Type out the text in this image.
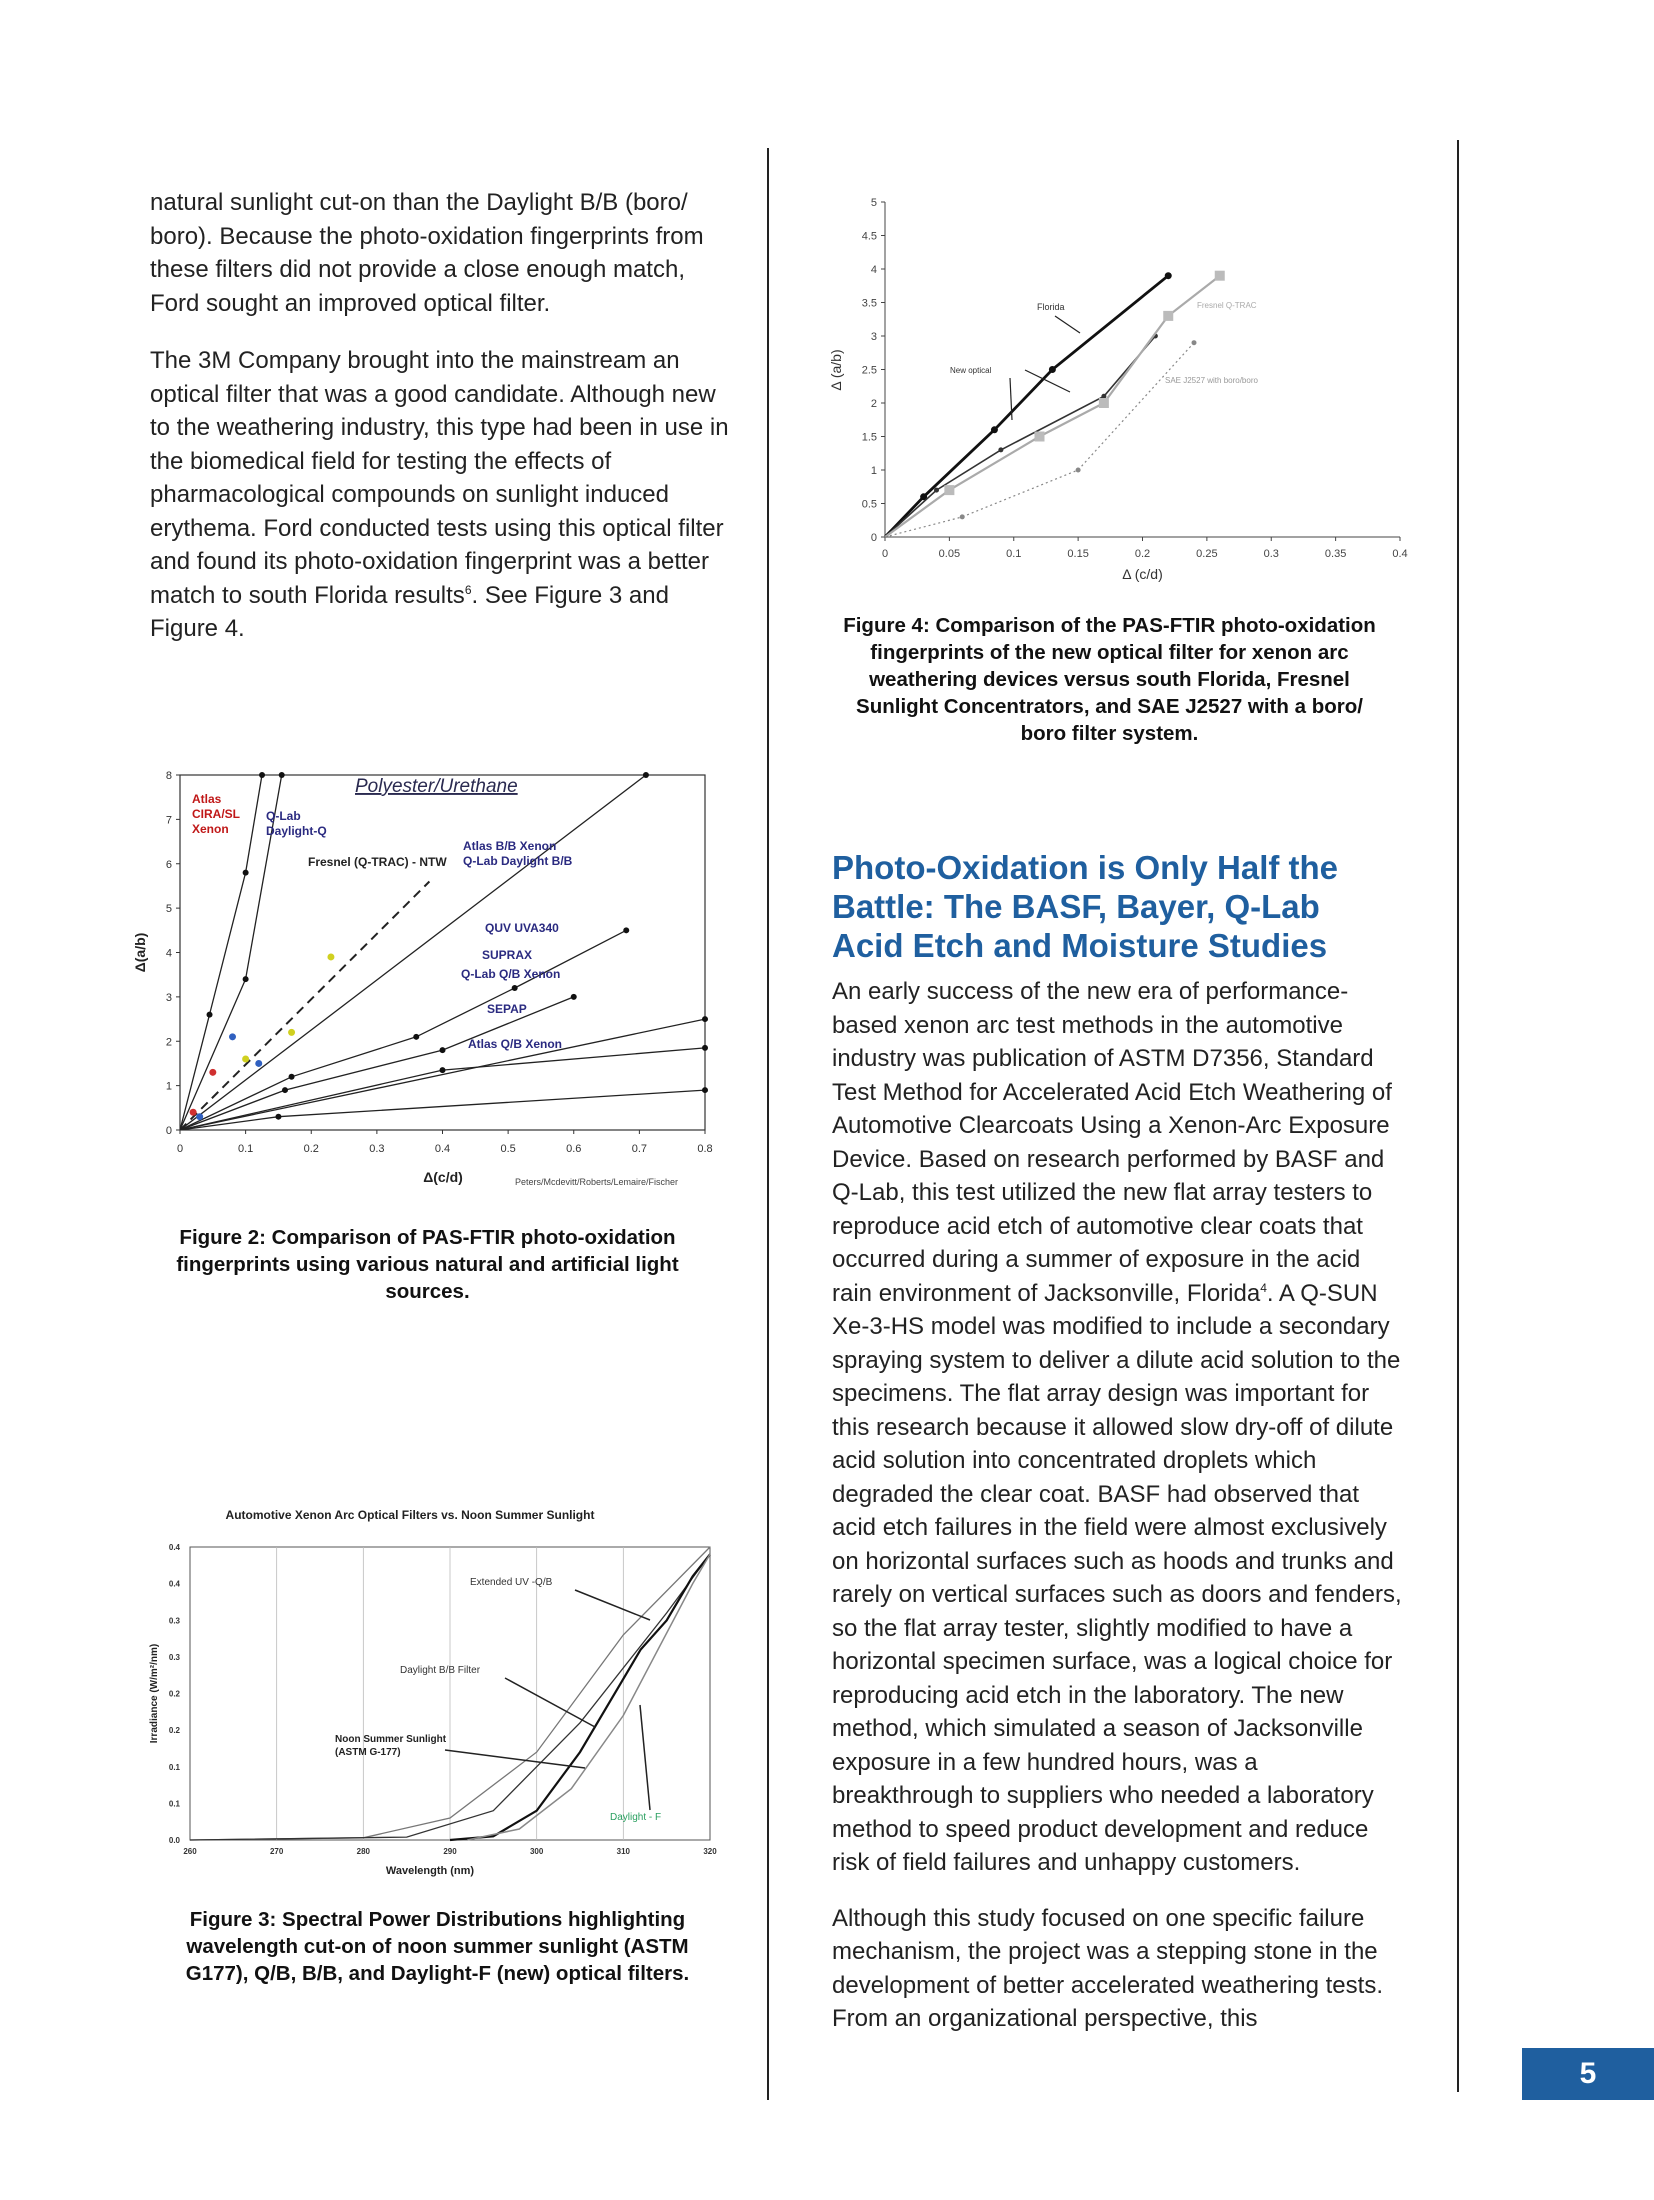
natural sunlight cut-on than the Daylight B/B (boro/ boro). Because the photo-oxidation fingerprints from these filters did not provide a close enough match, Ford sought an improved optical filter.

The 3M Company brought into the mainstream an optical filter that was a good candidate. Although new to the weathering industry, this type had been in use in the biomedical field for testing the effects of pharmacological compounds on sunlight induced erythema. Ford conducted tests using this optical filter and found its photo-oxidation fingerprint was a better match to south Florida results$^6$. See Figure 3 and Figure 4.

0
1
2
3
4
5
6
7
8
0	0.1	0.2	0.3	0.4	0.5	0.6	0.7	0.8
Δ(c/d)
Δ(a/b)
Polyester/Urethane
Peters/Mcdevitt/Roberts/Lemaire/Fischer
Atlas
CIRA/SL
Xenon
Q-Lab
Daylight-Q
Fresnel (Q-TRAC) - NTW
Atlas B/B Xenon
Q-Lab Daylight B/B
QUV UVA340
SUPRAX
Q-Lab Q/B Xenon
SEPAP
Atlas Q/B Xenon

Figure 2: Comparison of PAS-FTIR photo-oxidation fingerprints using various natural and artificial light sources.

Automotive Xenon Arc Optical Filters vs. Noon Summer Sunlight
260	270	280	290	300	310	320
0.0
0.1
0.1
0.2
0.2
0.3
0.3
0.4
0.4
Wavelength (nm)
Irradiance (W/m²/nm)
Extended UV -Q/B
Daylight B/B Filter
Noon Summer Sunlight
(ASTM G-177)
Daylight - F

Figure 3: Spectral Power Distributions highlighting wavelength cut-on of noon summer sunlight (ASTM G177), Q/B, B/B, and Daylight-F (new) optical filters.

0
0.5
1
1.5
2
2.5
3
3.5
4
4.5
5
0	0.05	0.1	0.15	0.2	0.25	0.3	0.35	0.4
Δ (c/d)
Δ (a/b)
Florida
New optical
Fresnel Q-TRAC
SAE J2527 with boro/boro

Figure 4: Comparison of the PAS-FTIR photo-oxidation fingerprints of the new optical filter for xenon arc weathering devices versus south Florida, Fresnel Sunlight Concentrators, and SAE J2527 with a boro/ boro filter system.

Photo-Oxidation is Only Half the Battle: The BASF, Bayer, Q-Lab Acid Etch and Moisture Studies

An early success of the new era of performance-based xenon arc test methods in the automotive industry was publication of ASTM D7356, Standard Test Method for Accelerated Acid Etch Weathering of Automotive Clearcoats Using a Xenon-Arc Exposure Device. Based on research performed by BASF and Q-Lab, this test utilized the new flat array testers to reproduce acid etch of automotive clear coats that occurred during a summer of exposure in the acid rain environment of Jacksonville, Florida$^4$. A Q-SUN Xe-3-HS model was modified to include a secondary spraying system to deliver a dilute acid solution to the specimens. The flat array design was important for this research because it allowed slow dry-off of dilute acid solution into concentrated droplets which degraded the clear coat. BASF had observed that acid etch failures in the field were almost exclusively on horizontal surfaces such as hoods and trunks and rarely on vertical surfaces such as doors and fenders, so the flat array tester, slightly modified to have a horizontal specimen surface, was a logical choice for reproducing acid etch in the laboratory. The new method, which simulated a season of Jacksonville exposure in a few hundred hours, was a breakthrough to suppliers who needed a laboratory method to speed product development and reduce risk of field failures and unhappy customers.

Although this study focused on one specific failure mechanism, the project was a stepping stone in the development of better accelerated weathering tests. From an organizational perspective, this

5
